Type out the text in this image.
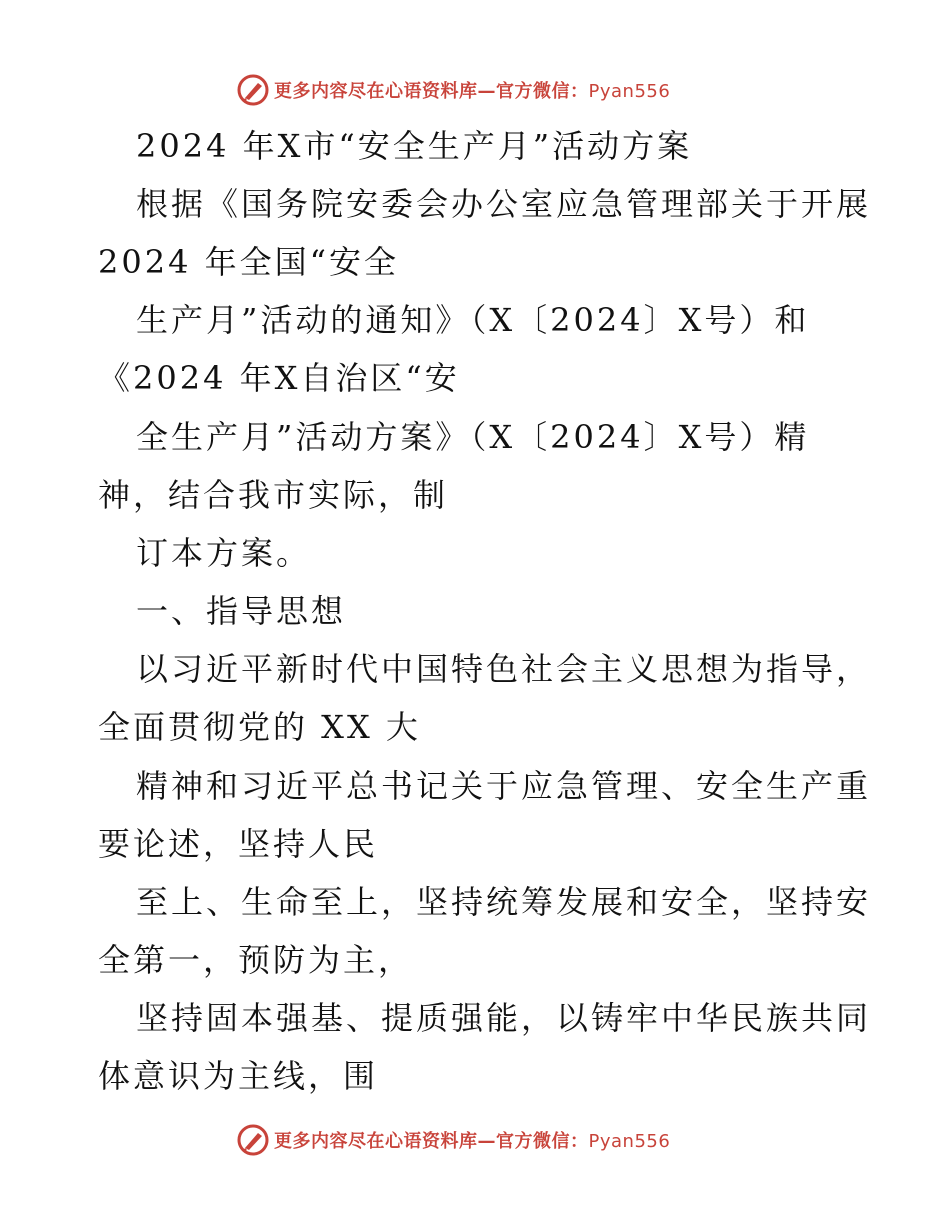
更多内容尽在心语资料库—官方微信：Pyan556
2024 年X市“安全生产月”活动方案
根据《国务院安委会办公室应急管理部关于开展
2024 年全国“安全
生产月”活动的通知》（X〔2024〕X号）和
《2024 年X自治区“安
全生产月”活动方案》（X〔2024〕X号）精
神，结合我市实际，制
订本方案。
一、指导思想
以习近平新时代中国特色社会主义思想为指导，
全面贯彻党的 XX 大
精神和习近平总书记关于应急管理、安全生产重
要论述，坚持人民
至上、生命至上，坚持统筹发展和安全，坚持安
全第一，预防为主，
坚持固本强基、提质强能，以铸牢中华民族共同
体意识为主线，围
更多内容尽在心语资料库—官方微信：Pyan556
